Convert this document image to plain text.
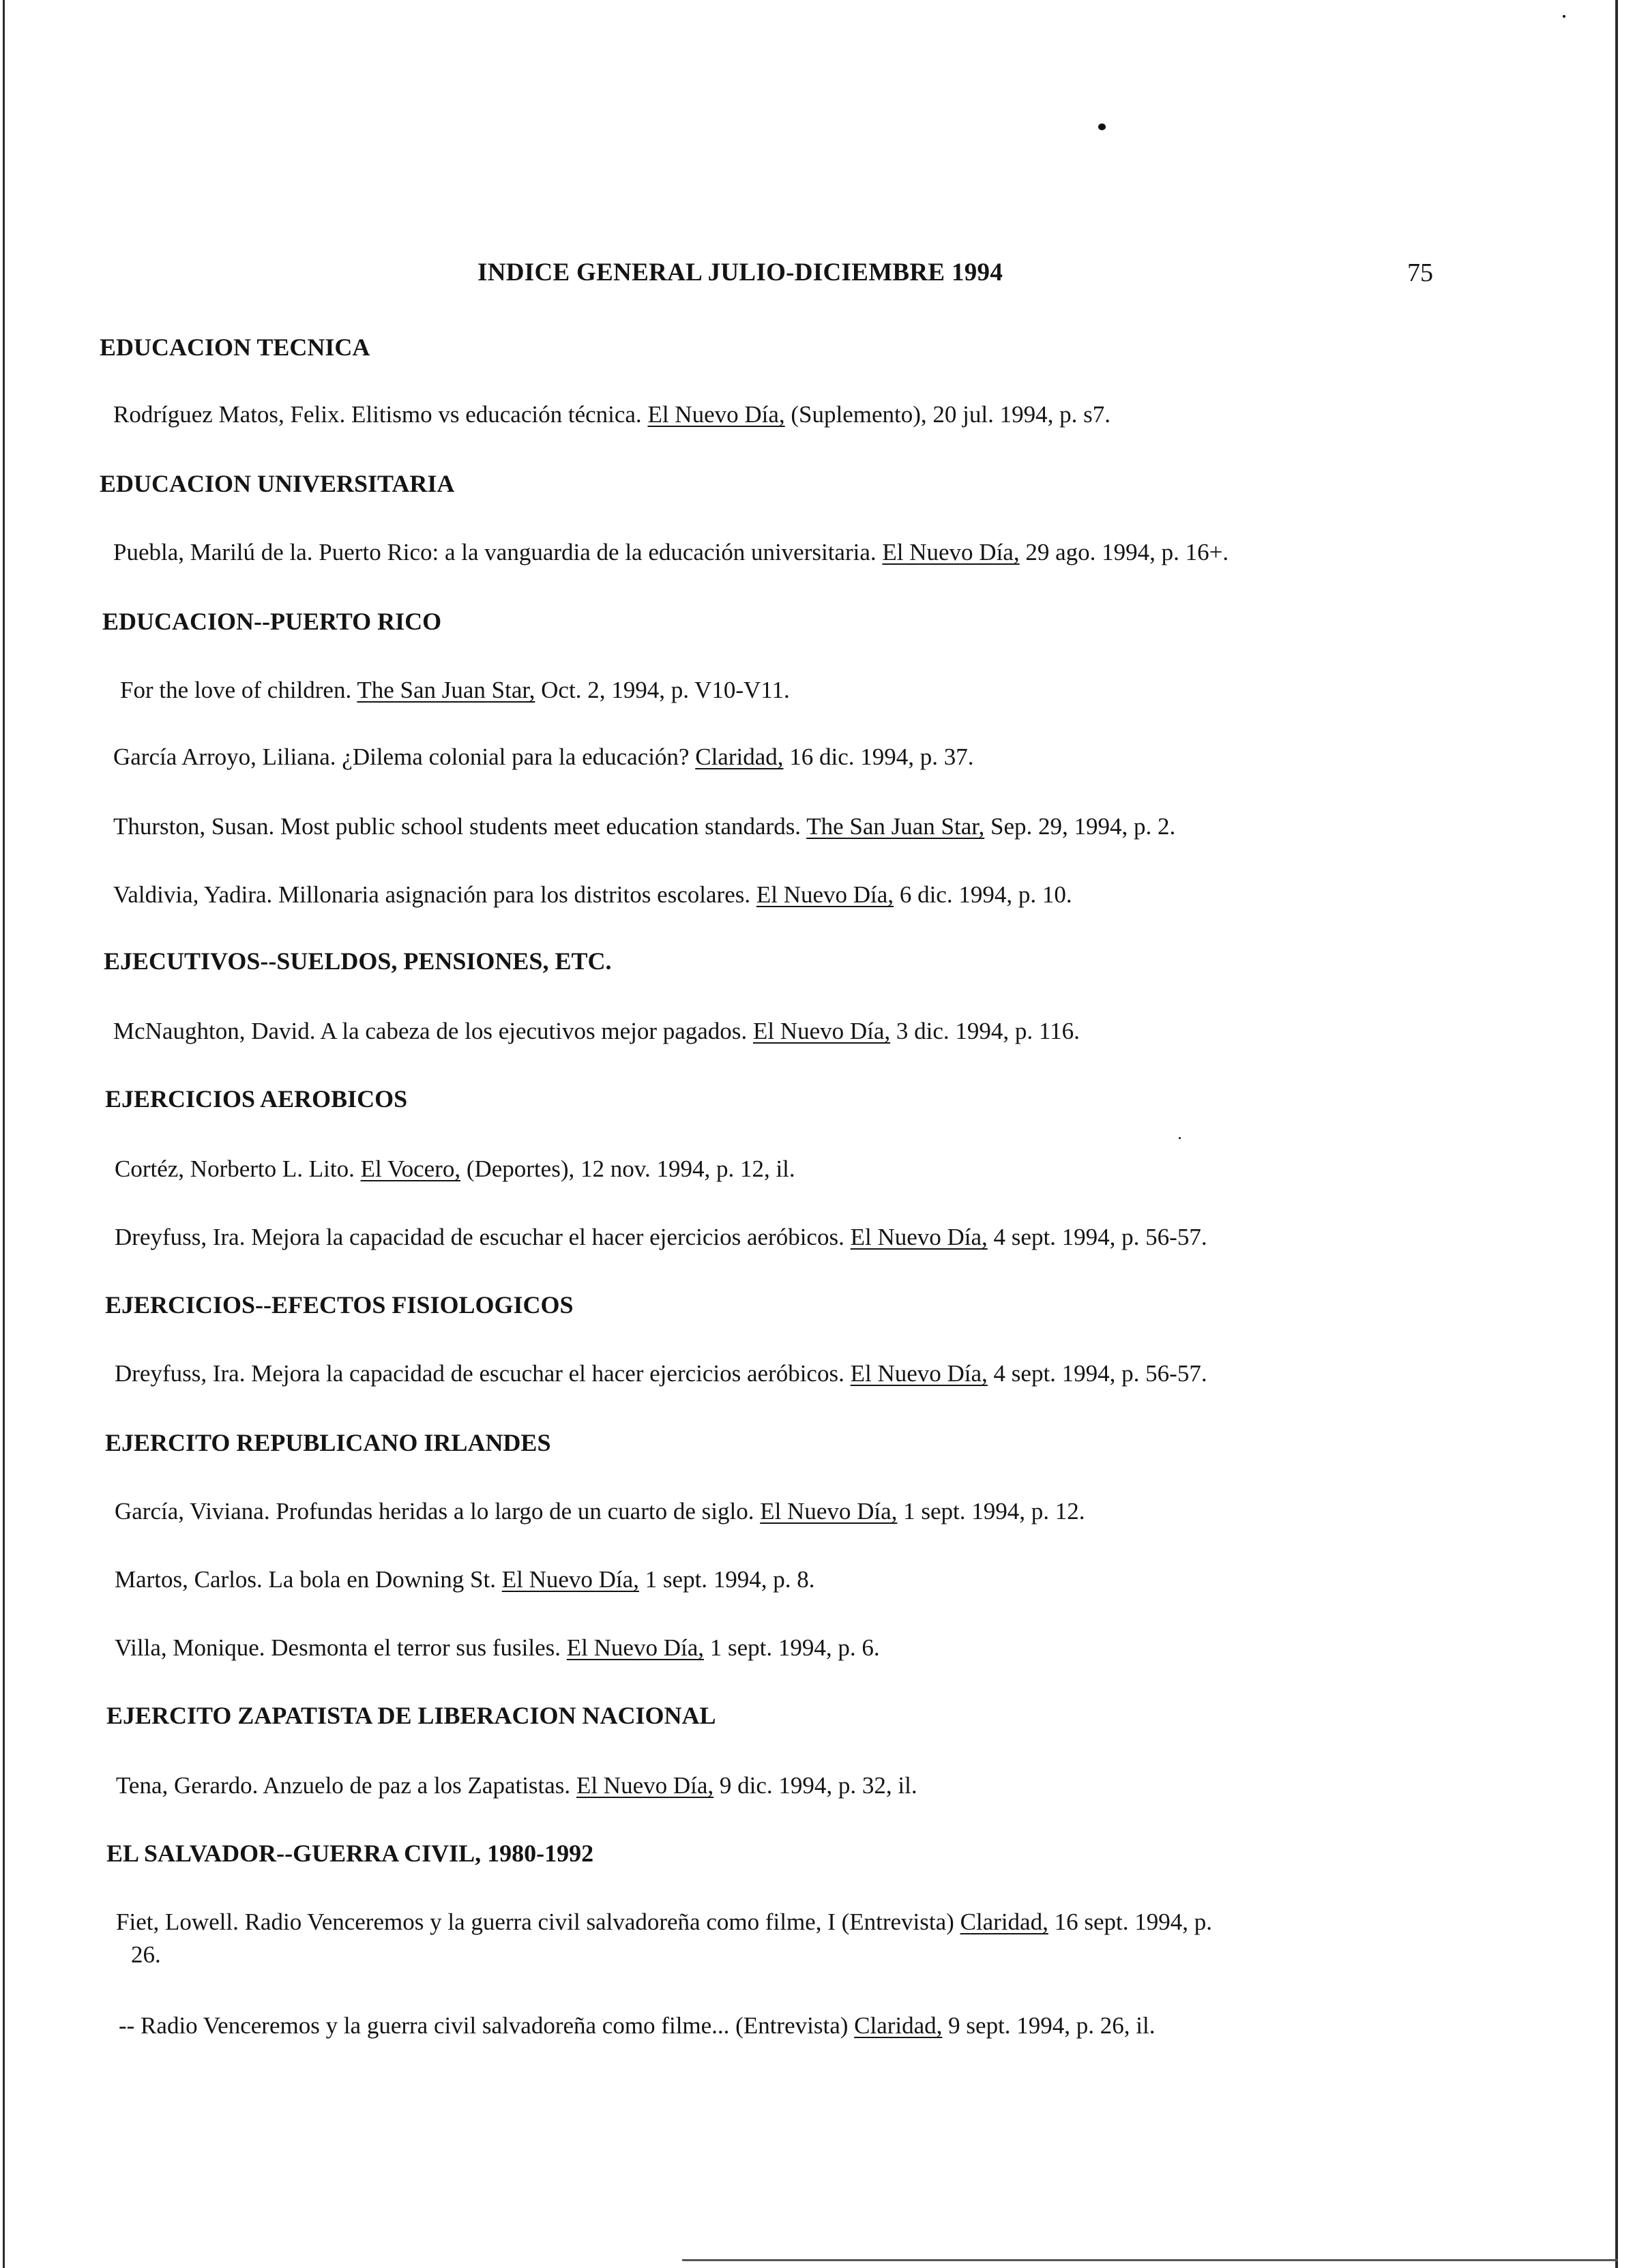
INDICE GENERAL JULIO-DICIEMBRE 1994	75
EDUCACION TECNICA
Rodríguez Matos, Felix. Elitismo vs educación técnica. El Nuevo Día, (Suplemento), 20 jul. 1994, p. s7.
EDUCACION UNIVERSITARIA
Puebla, Marilú de la. Puerto Rico: a la vanguardia de la educación universitaria. El Nuevo Día, 29 ago. 1994, p. 16+.
EDUCACION--PUERTO RICO
For the love of children. The San Juan Star, Oct. 2, 1994, p. V10-V11.
García Arroyo, Liliana. ¿Dilema colonial para la educación? Claridad, 16 dic. 1994, p. 37.
Thurston, Susan. Most public school students meet education standards. The San Juan Star, Sep. 29, 1994, p. 2.
Valdivia, Yadira. Millonaria asignación para los distritos escolares. El Nuevo Día, 6 dic. 1994, p. 10.
EJECUTIVOS--SUELDOS, PENSIONES, ETC.
McNaughton, David. A la cabeza de los ejecutivos mejor pagados. El Nuevo Día, 3 dic. 1994, p. 116.
EJERCICIOS AEROBICOS
Cortéz, Norberto L. Lito. El Vocero, (Deportes), 12 nov. 1994, p. 12, il.
Dreyfuss, Ira. Mejora la capacidad de escuchar el hacer ejercicios aeróbicos. El Nuevo Día, 4 sept. 1994, p. 56-57.
EJERCICIOS--EFECTOS FISIOLOGICOS
Dreyfuss, Ira. Mejora la capacidad de escuchar el hacer ejercicios aeróbicos. El Nuevo Día, 4 sept. 1994, p. 56-57.
EJERCITO REPUBLICANO IRLANDES
García, Viviana. Profundas heridas a lo largo de un cuarto de siglo. El Nuevo Día, 1 sept. 1994, p. 12.
Martos, Carlos. La bola en Downing St. El Nuevo Día, 1 sept. 1994, p. 8.
Villa, Monique. Desmonta el terror sus fusiles. El Nuevo Día, 1 sept. 1994, p. 6.
EJERCITO ZAPATISTA DE LIBERACION NACIONAL
Tena, Gerardo. Anzuelo de paz a los Zapatistas. El Nuevo Día, 9 dic. 1994, p. 32, il.
EL SALVADOR--GUERRA CIVIL, 1980-1992
Fiet, Lowell. Radio Venceremos y la guerra civil salvadoreña como filme, I (Entrevista) Claridad, 16 sept. 1994, p.
26.
-- Radio Venceremos y la guerra civil salvadoreña como filme... (Entrevista) Claridad, 9 sept. 1994, p. 26, il.
